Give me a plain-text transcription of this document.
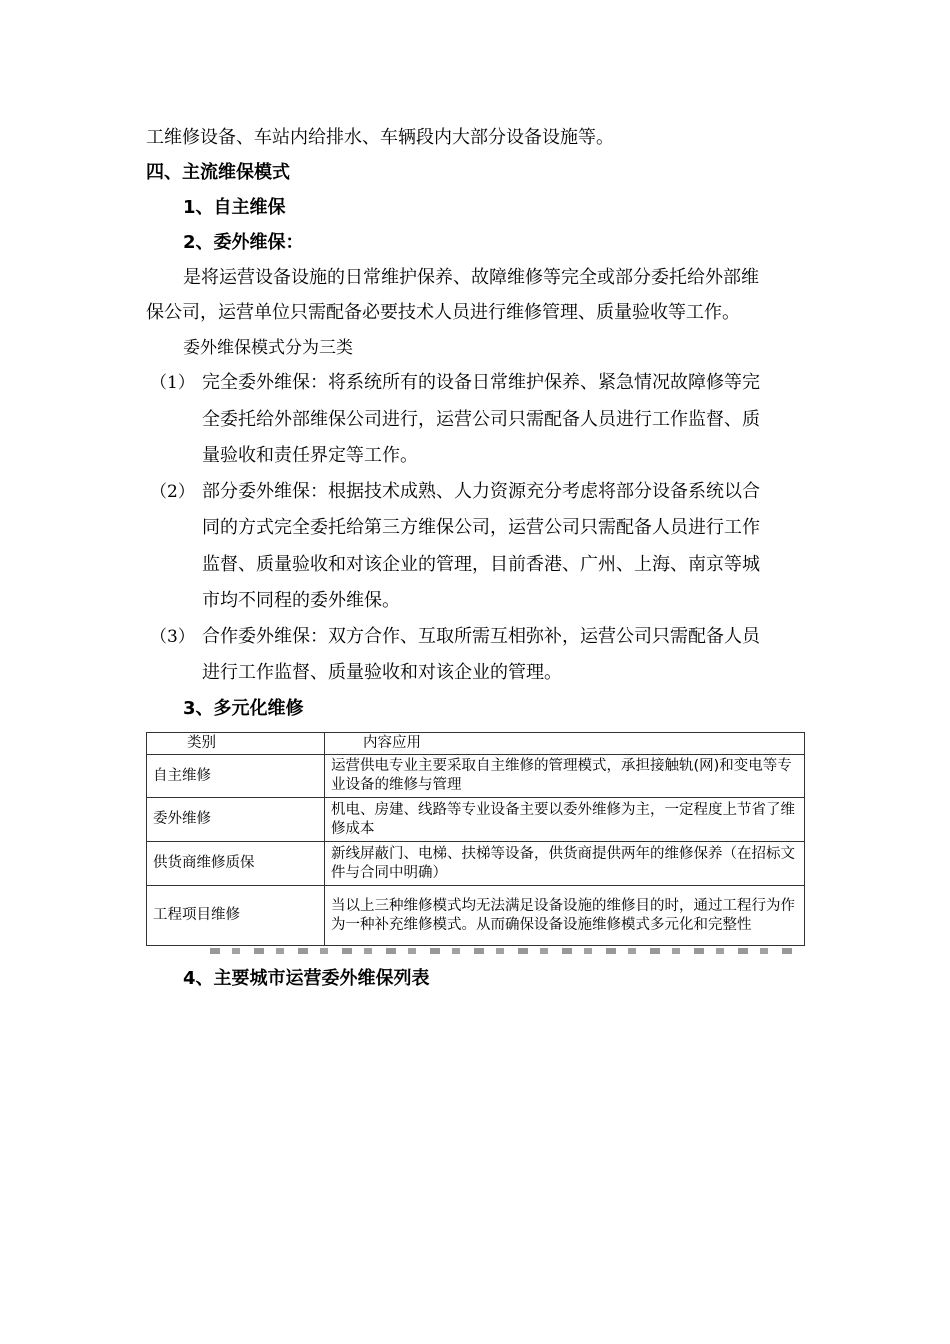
工维修设备、车站内给排水、车辆段内大部分设备设施等。
四、主流维保模式
1、自主维保
2、委外维保：
是将运营设备设施的日常维护保养、故障维修等完全或部分委托给外部维
保公司，运营单位只需配备必要技术人员进行维修管理、质量验收等工作。
委外维保模式分为三类
（1） 完全委外维保：将系统所有的设备日常维护保养、紧急情况故障修等完
全委托给外部维保公司进行，运营公司只需配备人员进行工作监督、质
量验收和责任界定等工作。
（2） 部分委外维保：根据技术成熟、人力资源充分考虑将部分设备系统以合
同的方式完全委托给第三方维保公司，运营公司只需配备人员进行工作
监督、质量验收和对该企业的管理，目前香港、广州、上海、南京等城
市均不同程的委外维保。
（3） 合作委外维保：双方合作、互取所需互相弥补，运营公司只需配备人员
进行工作监督、质量验收和对该企业的管理。
3、多元化维修
类别	内容应用
自主维修	运营供电专业主要采取自主维修的管理模式，承担接触轨(网)和变电等专业设备的维修与管理
委外维修	机电、房建、线路等专业设备主要以委外维修为主，一定程度上节省了维修成本
供货商维修质保	新线屏蔽门、电梯、扶梯等设备，供货商提供两年的维修保养（在招标文件与合同中明确）
工程项目维修	当以上三种维修模式均无法满足设备设施的维修目的时，通过工程行为作为一种补充维修模式。从而确保设备设施维修模式多元化和完整性
4、主要城市运营委外维保列表
